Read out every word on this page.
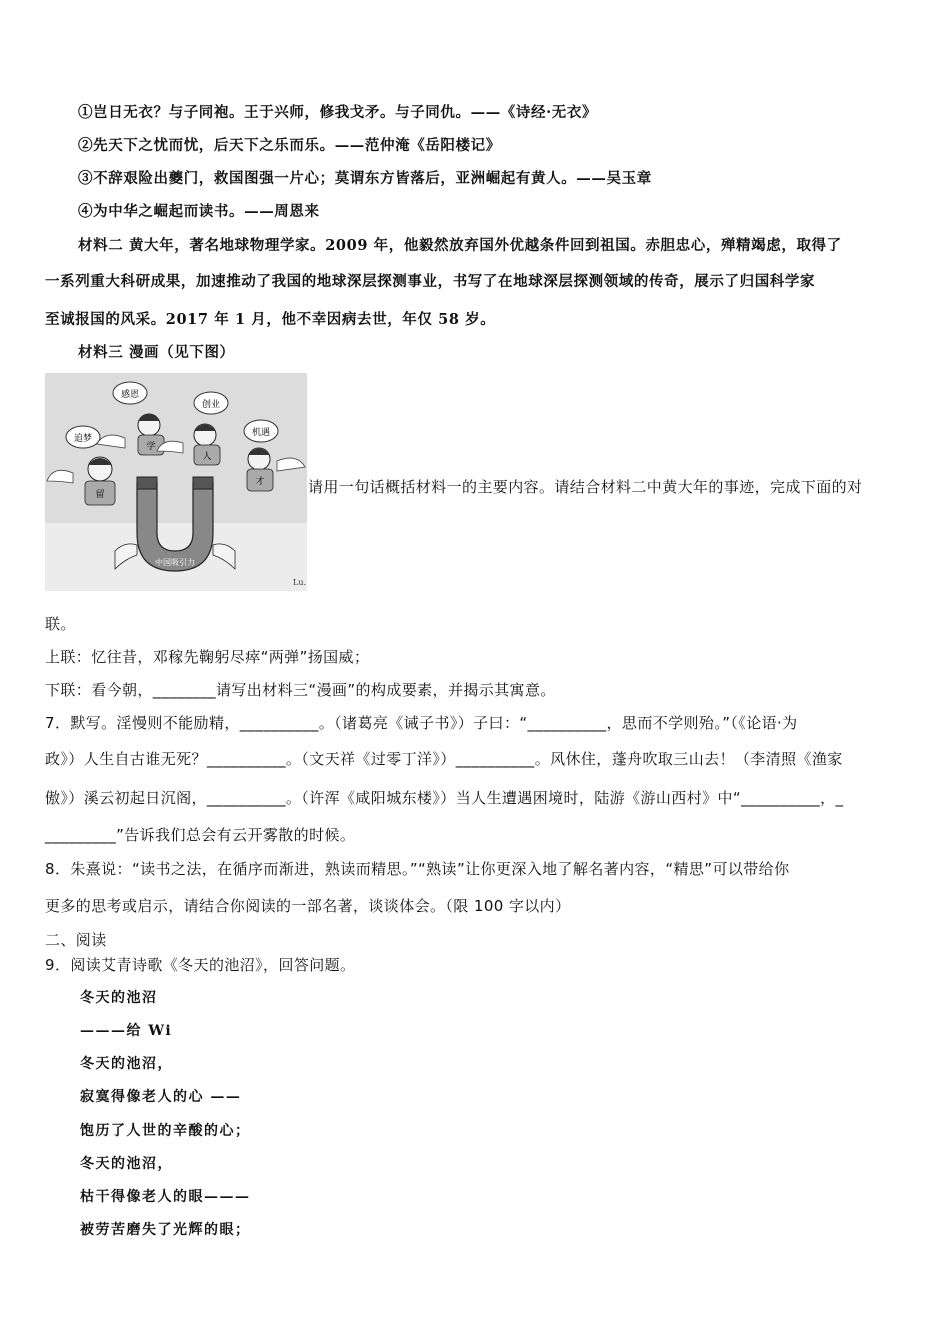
①岂日无衣？与子同袍。王于兴师，修我戈矛。与子同仇。——《诗经·无衣》
②先天下之忧而忧，后天下之乐而乐。——范仲淹《岳阳楼记》
③不辞艰险出夔门，救国图强一片心；莫谓东方皆落后，亚洲崛起有黄人。——吴玉章
④为中华之崛起而读书。——周恩来
材料二 黄大年，著名地球物理学家。2009 年，他毅然放弃国外优越条件回到祖国。赤胆忠心，殚精竭虑，取得了
一系列重大科研成果，加速推动了我国的地球深层探测事业，书写了在地球深层探测领域的传奇，展示了归国科学家
至诚报国的风采。2017 年 1 月，他不幸因病去世，年仅 58 岁。
材料三 漫画（见下图）
感恩
创业
追梦
机遇
学
人
才
留
中国吸引力
Lu.
请用一句话概括材料一的主要内容。请结合材料二中黄大年的事迹，完成下面的对
联。
上联：忆往昔，邓稼先鞠躬尽瘁“两弹”扬国威；
下联：看今朝，________请写出材料三“漫画”的构成要素，并揭示其寓意。
7．默写。淫慢则不能励精，__________。（诸葛亮《诫子书》）子曰：“__________，思而不学则殆。”（《论语·为
政》）人生自古谁无死？__________。（文天祥《过零丁洋》）__________。风休住，蓬舟吹取三山去！（李清照《渔家
傲》）溪云初起日沉阁，__________。（许浑《咸阳城东楼》）当人生遭遇困境时，陆游《游山西村》中“__________，_
_________”告诉我们总会有云开雾散的时候。
8．朱熹说：“读书之法，在循序而渐进，熟读而精思。”“熟读”让你更深入地了解名著内容，“精思”可以带给你
更多的思考或启示，请结合你阅读的一部名著，谈谈体会。（限 100 字以内）
二、阅读
9．阅读艾青诗歌《冬天的池沼》，回答问题。
冬天的池沼
———给 Wi
冬天的池沼，
寂寞得像老人的心 ——
饱历了人世的辛酸的心；
冬天的池沼，
枯干得像老人的眼———
被劳苦磨失了光辉的眼；
